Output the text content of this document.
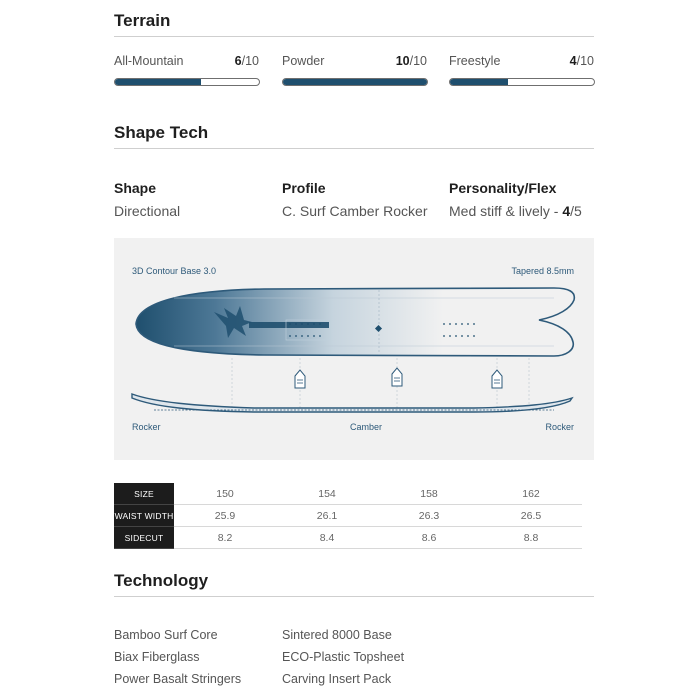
Terrain
All-Mountain	6/10 Powder	10/10 Freestyle	4/10
Shape Tech
Shape
Directional
Profile
C. Surf Camber Rocker
Personality/Flex
Med stiff & lively - 4/5
3D Contour Base 3.0	Tapered 8.5mm
Rocker	Camber	Rocker
SIZE	150	154	158	162
WAIST WIDTH	25.9	26.1	26.3	26.5
SIDECUT	8.2	8.4	8.6	8.8
Technology
Bamboo Surf Core
Biax Fiberglass
Power Basalt Stringers
Sintered 8000 Base
ECO-Plastic Topsheet
Carving Insert Pack
